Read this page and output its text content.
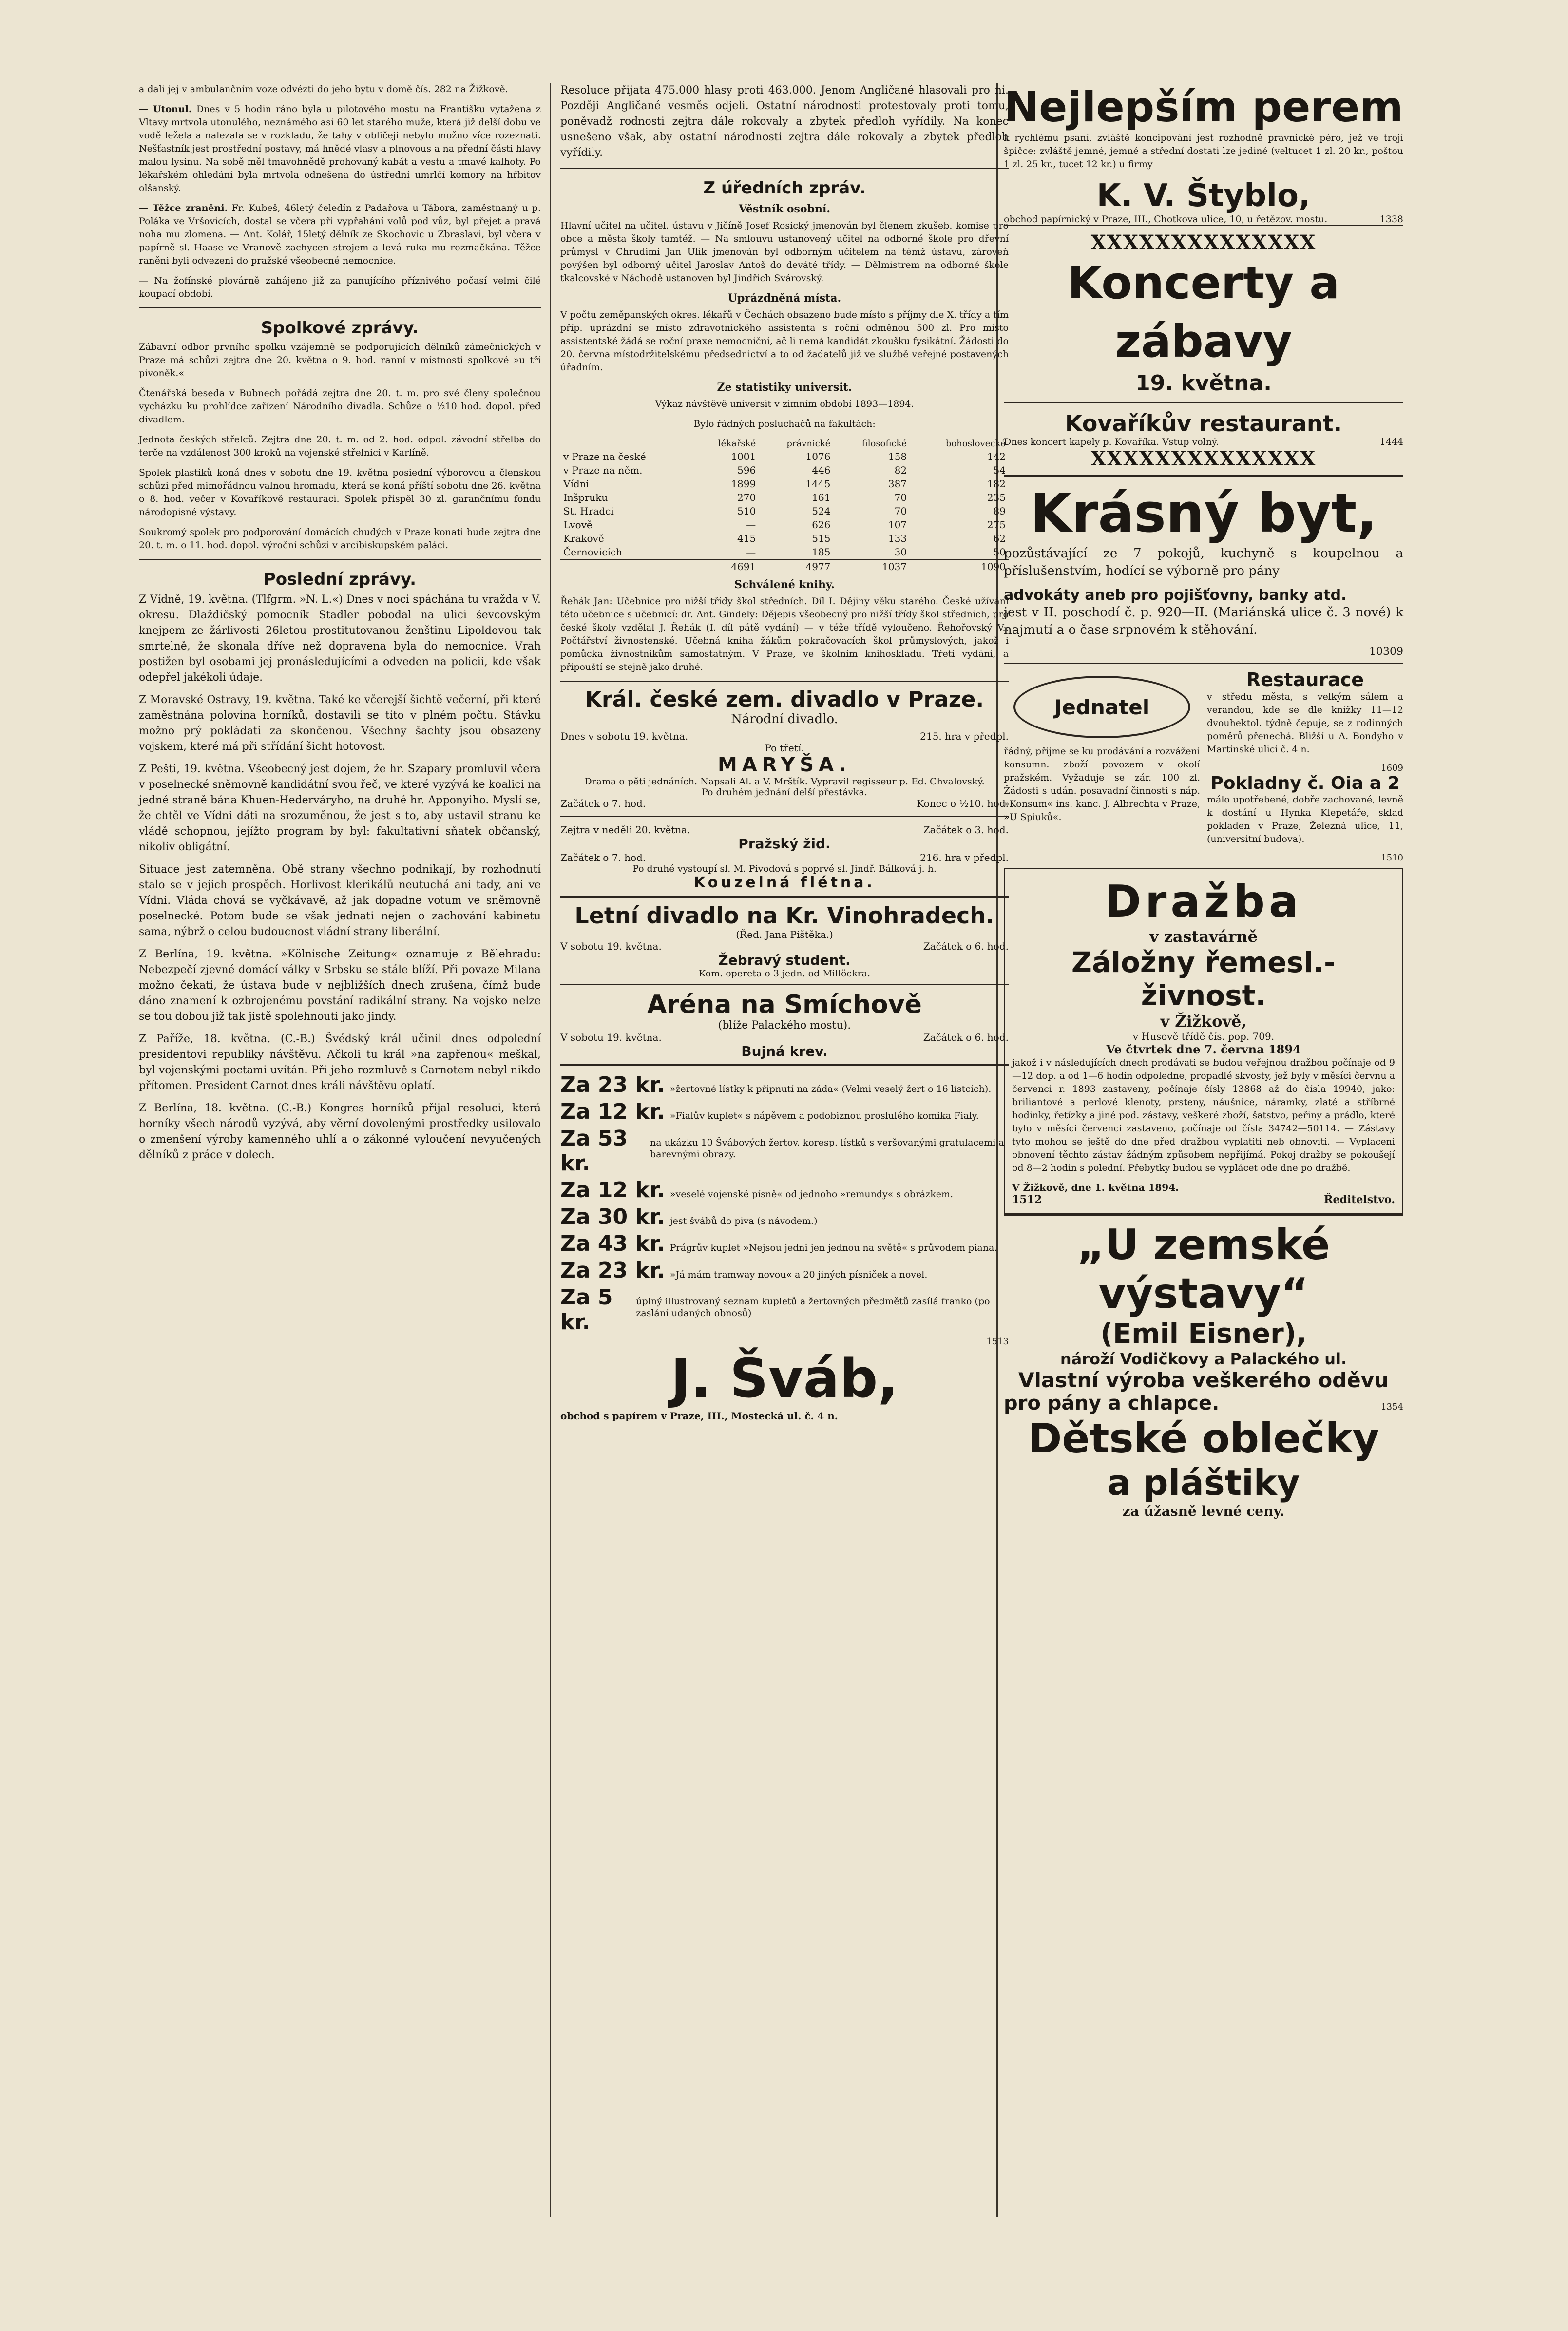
a dali jej v ambulančním voze odvézti do jeho bytu v domě čís. 282 na Žižkově.

— Utonul. Dnes v 5 hodin ráno byla u pilotového mostu na Františku vytažena z Vltavy mrtvola utonulého, neznámého asi 60 let starého muže, která již delší dobu ve vodě ležela a nalezala se v rozkladu, že tahy v obličeji nebylo možno více rozeznati. Nešťastník jest prostřední postavy, má hnědé vlasy a plnovous a na přední části hlavy malou lysinu. Na sobě měl tmavohnědě prohovaný kabát a vestu a tmavé kalhoty. Po lékařském ohledání byla mrtvola odnešena do ústřední umrlčí komory na hřbitov olšanský.

— Těžce zraněni. Fr. Kubeš, 46letý čeledín z Padařova u Tábora, zaměstnaný u p. Poláka ve Vršovicích, dostal se včera při vypřahání volů pod vůz, byl přejet a pravá noha mu zlomena. — Ant. Kolář, 15letý dělník ze Skochovic u Zbraslavi, byl včera v papírně sl. Haase ve Vranově zachycen strojem a levá ruka mu rozmačkána. Těžce raněni byli odvezeni do pražské všeobecné nemocnice.

— Na žofínské plovárně zahájeno již za panujícího příznivého počasí velmi čilé koupací období.

Spolkové zprávy.

Zábavní odbor prvního spolku vzájemně se podporujících dělníků zámečnických v Praze má schůzi zejtra dne 20. května o 9. hod. ranní v místnosti spolkové »u tří pivoněk.«

Čtenářská beseda v Bubnech pořádá zejtra dne 20. t. m. pro své členy společnou vycházku ku prohlídce zařízení Národního divadla. Schůze o ½10 hod. dopol. před divadlem.

Jednota českých střelců. Zejtra dne 20. t. m. od 2. hod. odpol. závodní střelba do terče na vzdálenost 300 kroků na vojenské střelnici v Karlíně.

Spolek plastiků koná dnes v sobotu dne 19. května posiední výborovou a členskou schůzi před mimořádnou valnou hromadu, která se koná příští sobotu dne 26. května o 8. hod. večer v Kovaříkově restauraci. Spolek přispěl 30 zl. garančnímu fondu národopisné výstavy.

Soukromý spolek pro podporování domácích chudých v Praze konati bude zejtra dne 20. t. m. o 11. hod. dopol. výroční schůzi v arcibiskupském paláci.

Poslední zprávy.

Z Vídně, 19. května. (Tlfgrm. »N. L.«) Dnes v noci spáchána tu vražda v V. okresu. Dlaždičský pomocník Stadler pobodal na ulici ševcovským knejpem ze žárlivosti 26letou prostitutovanou ženštinu Lipoldovou tak smrtelně, že skonala dříve než dopravena byla do nemocnice. Vrah postižen byl osobami jej pronásledujícími a odveden na policii, kde však odepřel jakékoli údaje.

Z Moravské Ostravy, 19. května. Také ke včerejší šichtě večerní, při které zaměstnána polovina horníků, dostavili se tito v plném počtu. Stávku možno prý pokládati za skončenou. Všechny šachty jsou obsazeny vojskem, které má při střídání šicht hotovost.

Z Pešti, 19. května. Všeobecný jest dojem, že hr. Szapary promluvil včera v poselnecké sněmovně kandidátní svou řeč, ve které vyzývá ke koalici na jedné straně bána Khuen-Hederváryho, na druhé hr. Apponyiho. Myslí se, že chtěl ve Vídni dáti na srozuměnou, že jest s to, aby ustavil stranu ke vládě schopnou, jejížto program by byl: fakultativní sňatek občanský, nikoliv obligátní.

Situace jest zatemněna. Obě strany všechno podnikají, by rozhodnutí stalo se v jejich prospěch. Horlivost klerikálů neutuchá ani tady, ani ve Vídni. Vláda chová se vyčkávavě, až jak dopadne votum ve sněmovně poselnecké. Potom bude se však jednati nejen o zachování kabinetu sama, nýbrž o celou budoucnost vládní strany liberální.

Z Berlína, 19. května. »Kölnische Zeitung« oznamuje z Bělehradu: Nebezpečí zjevné domácí války v Srbsku se stále blíží. Při povaze Milana možno čekati, že ústava bude v nejbližších dnech zrušena, čímž bude dáno znamení k ozbrojenému povstání radikální strany. Na vojsko nelze se tou dobou již tak jistě spolehnouti jako jindy.

Z Paříže, 18. května. (C.-B.) Švédský král učinil dnes odpolední presidentovi republiky návštěvu. Ačkoli tu král »na zapřenou« meškal, byl vojenskými poctami uvítán. Při jeho rozmluvě s Carnotem nebyl nikdo přítomen. President Carnot dnes králi návštěvu oplatí.

Z Berlína, 18. května. (C.-B.) Kongres horníků přijal resoluci, která horníky všech národů vyzývá, aby věrní dovolenými prostředky usilovalo o zmenšení výroby kamenného uhlí a o zákonné vyloučení nevyučených dělníků z práce v dolech.

Resoluce přijata 475.000 hlasy proti 463.000. Jenom Angličané hlasovali pro ni. Později Angličané vesměs odjeli. Ostatní národnosti protestovaly proti tomu, poněvadž rodnosti zejtra dále rokovaly a zbytek předloh vyřídily. Na konec usnešeno však, aby ostatní národnosti zejtra dále rokovaly a zbytek předloh vyřídily.

Z úředních zpráv.
Věstník osobní.

Hlavní učitel na učitel. ústavu v Jičíně Josef Rosický jmenován byl členem zkušeb. komise pro obce a města školy tamtéž. — Na smlouvu ustanovený učitel na odborné škole pro dřevní průmysl v Chrudimi Jan Ulík jmenován byl odborným učitelem na témž ústavu, zároveň povýšen byl odborný učitel Jaroslav Antoš do deváté třídy. — Dělmistrem na odborné škole tkalcovské v Náchodě ustanoven byl Jindřich Svárovský.

Uprázdněná místa.

V počtu zeměpanských okres. lékařů v Čechách obsazeno bude místo s příjmy dle X. třídy a tím příp. uprázdní se místo zdravotnického assistenta s roční odměnou 500 zl. Pro místo assistentské žádá se roční praxe nemocniční, ač li nemá kandidát zkoušku fysikátní. Žádosti do 20. června místodržitelskému předsednictví a to od žadatelů již ve službě veřejné postavených úřadním.

Ze statistiky universit.

Výkaz návštěvě universit v zimním období 1893—1894.

Bylo řádných posluchačů na fakultách:

	lékařské	právnické	filosofické	bohoslovecké
v Praze na české	1001	1076	158	142
v Praze na něm.	596	446	82	54
Vídni	1899	1445	387	182
Inšpruku	270	161	70	235
St. Hradci	510	524	70	89
Lvově	—	626	107	275
Krakově	415	515	133	62
Černovicích	—	185	30	50
	4691	4977	1037	1090
Schválené knihy.

Řehák Jan: Učebnice pro nižší třídy škol středních. Díl I. Dějiny věku starého. České užívání této učebnice s učebnicí: dr. Ant. Gindely: Dějepis všeobecný pro nižší třídy škol středních, pro české školy vzdělal J. Řehák (I. díl pátě vydání) — v téže třídě vyloučeno. Řehořovský V.: Počtářství živnostenské. Učebná kniha žákům pokračovacích škol průmyslových, jakož i pomůcka živnostníkům samostatným. V Praze, ve školním knihoskladu. Třetí vydání, a připouští se stejně jako druhé.

Král. české zem. divadlo v Praze.
Národní divadlo.
Dnes v sobotu 19. května.	215. hra v předpl.
Po třetí.
MARYŠA.
Drama o pěti jednáních. Napsali Al. a V. Mrštík. Vypravil regisseur p. Ed. Chvalovský.
Po druhém jednání delší přestávka.
Začátek o 7. hod.	Konec o ½10. hod.
Zejtra v neděli 20. května.	Začátek o 3. hod.
Pražský žid.
Začátek o 7. hod.	216. hra v předpl.
Po druhé vystoupí sl. M. Pivodová s poprvé sl. Jindř. Bálková j. h.
Kouzelná flétna.
Letní divadlo na Kr. Vinohradech.
(Řed. Jana Pištěka.)
V sobotu 19. května.	Začátek o 6. hod.
Žebravý student.
Kom. opereta o 3 jedn. od Millöckra.
Aréna na Smíchově
(blíže Palackého mostu).
V sobotu 19. května.	Začátek o 6. hod.
Bujná krev.
Za 23 kr. »žertovné lístky k připnutí na záda« (Velmi veselý žert o 16 lístcích).
Za 12 kr. »Fialův kuplet« s nápěvem a podobiznou proslulého komika Fialy.
Za 53 kr.
na ukázku 10 Švábových žertov. koresp. lístků s veršovanými gratulacemi a barevnými obrazy.
Za 12 kr. »veselé vojenské písně« od jednoho »remundy« s obrázkem.
Za 30 kr. jest švábů do piva (s návodem.)
Za 43 kr. Prágrův kuplet »Nejsou jedni jen jednou na světě« s průvodem piana.
Za 23 kr. »Já mám tramway novou« a 20 jiných písniček a novel.
Za 5 kr.
úplný illustrovaný seznam kupletů a žertovných předmětů zasílá franko (po zaslání udaných obnosů)
1513
J. Šváb,
obchod s papírem v Praze, III., Mostecká ul. č. 4 n.
Nejlepším perem

k rychlému psaní, zvláště koncipování jest rozhodně právnické péro, jež ve trojí špičce: zvláště jemné, jemné a střední dostati lze jediné (veltucet 1 zl. 20 kr., poštou 1 zl. 25 kr., tucet 12 kr.) u firmy

K. V. Štyblo,
obchod papírnický v Praze, III., Chotkova ulice, 10, u řetězov. mostu.	1338
XXXXXXXXXXXXXX
Koncerty a zábavy
19. května.
Kovaříkův restaurant.
Dnes koncert kapely p. Kovaříka. Vstup volný.	1444
XXXXXXXXXXXXXX
Krásný byt,

pozůstávající ze 7 pokojů, kuchyně s koupelnou a příslušenstvím, hodící se výborně pro pány

advokáty aneb pro pojišťovny, banky atd.

jest v II. poschodí č. p. 920—II. (Mariánská ulice č. 3 nové) k najmutí a o čase srpnovém k stěhování.

10309
Jednatel

řádný, přijme se ku prodávání a rozváženi konsumn. zboží povozem v okolí pražském. Vyžaduje se zár. 100 zl. Žádosti s udán. posavadní činnosti s náp. »Konsum« ins. kanc. J. Albrechta v Praze, »U Spiuků«.

Restaurace

v středu města, s velkým sálem a verandou, kde se dle knížky 11—12 dvouhektol. týdně čepuje, se z rodinných poměrů přenechá. Bližší u A. Bondyho v Martinské ulici č. 4 n.

1609
Pokladny č. Oia a 2

málo upotřebené, dobře zachované, levně k dostání u Hynka Klepetáře, sklad pokladen v Praze, Železná ulice, 11, (universitní budova).

1510
Dražba
v zastavárně
Záložny řemesl.-živnost.
v Žižkově,
v Husově třídě čís. pop. 709.
Ve čtvrtek dne 7. června 1894

jakož i v následujících dnech prodávati se budou veřejnou dražbou počínaje od 9—12 dop. a od 1—6 hodin odpoledne, propadlé skvosty, jež byly v měsíci červnu a červenci r. 1893 zastaveny, počínaje čísly 13868 až do čísla 19940, jako: briliantové a perlové klenoty, prsteny, náušnice, náramky, zlaté a stříbrné hodinky, řetízky a jiné pod. zástavy, veškeré zboží, šatstvo, peřiny a prádlo, které bylo v měsíci červenci zastaveno, počínaje od čísla 34742—50114. — Zástavy tyto mohou se ještě do dne před dražbou vyplatiti neb obnoviti. — Vyplaceni obnovení těchto zástav žádným způsobem nepřijímá. Pokoj dražby se pokoušejí od 8—2 hodin s polední. Přebytky budou se vyplácet ode dne po dražbě.

V Žižkově, dne 1. května 1894.
1512	Ředitelstvo.
„U zemské výstavy“
(Emil Eisner),
nároží Vodičkovy a Palackého ul.
Vlastní výroba veškerého oděvu
pro pány a chlapce.	1354
Dětské oblečky
a pláštiky
za úžasně levné ceny.
